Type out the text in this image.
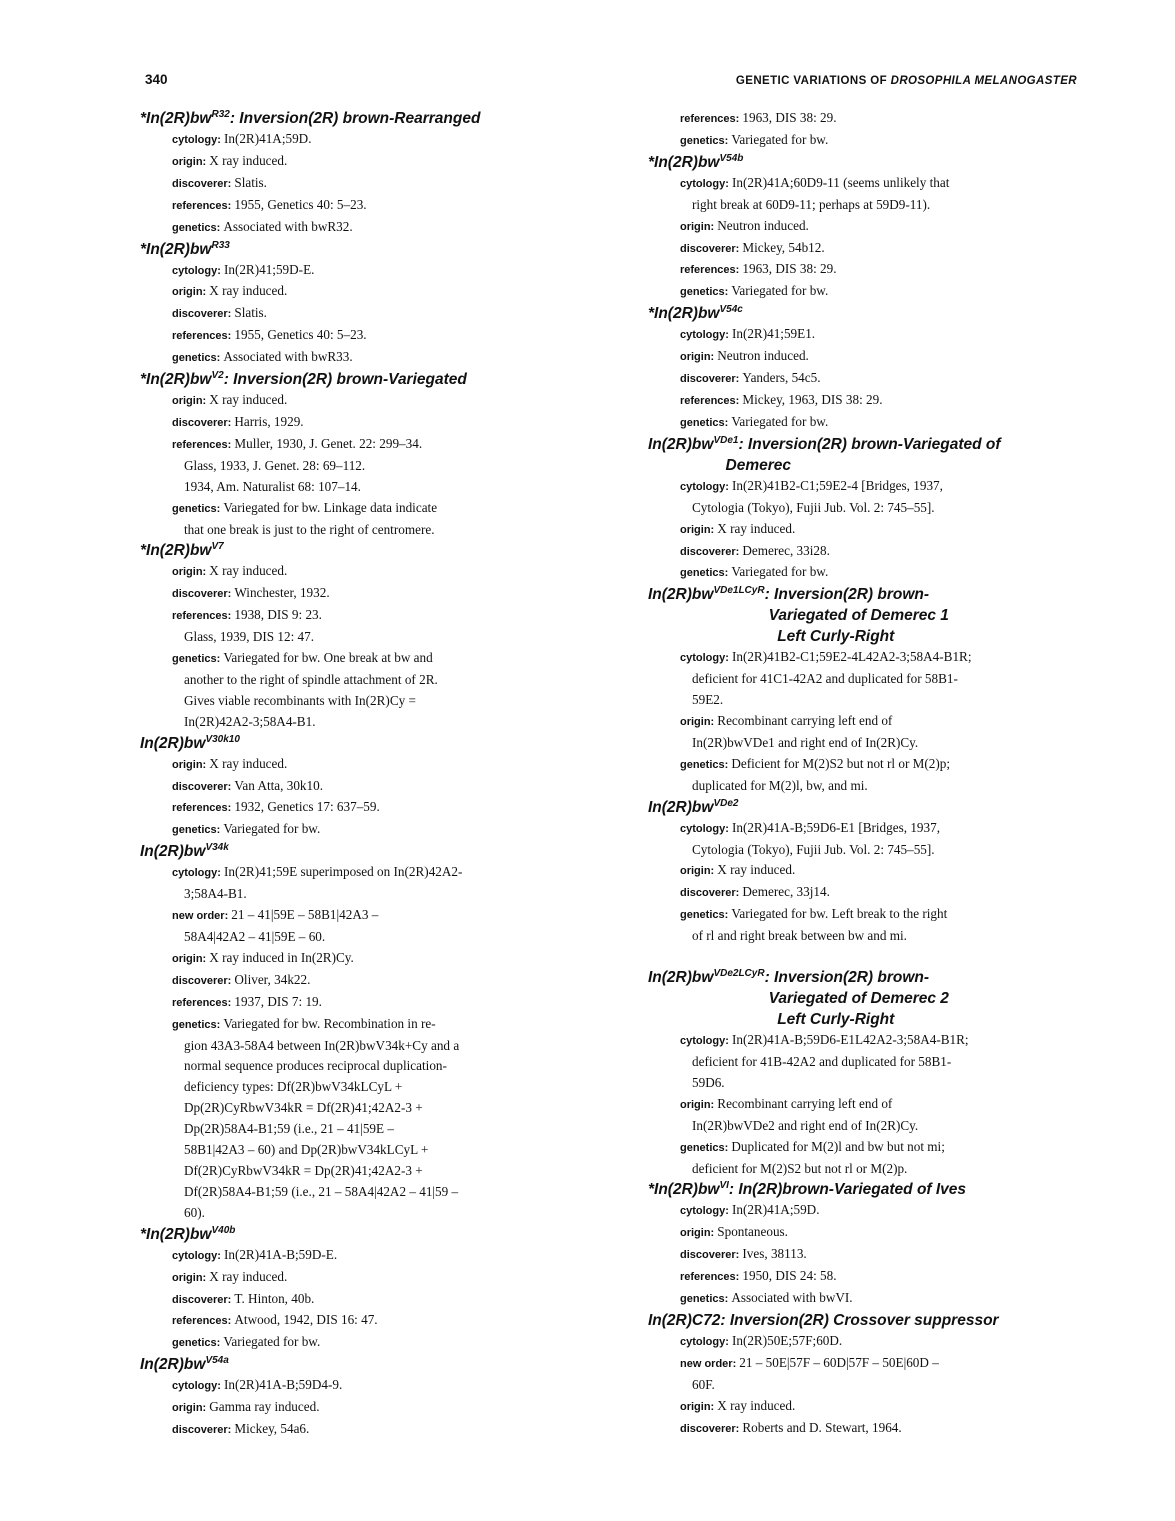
340	GENETIC VARIATIONS OF DROSOPHILA MELANOGASTER
$*In(2R)bw^{R32}$: Inversion(2R) brown-Rearranged
cytology: In(2R)41A;59D.
origin: X ray induced.
discoverer: Slatis.
references: 1955, Genetics 40: 5–23.
genetics: Associated with bwR32.
$*In(2R)bw^{R33}$
cytology: In(2R)41;59D-E.
origin: X ray induced.
discoverer: Slatis.
references: 1955, Genetics 40: 5–23.
genetics: Associated with bwR33.
$*In(2R)bw^{V2}$: Inversion(2R) brown-Variegated
origin: X ray induced.
discoverer: Harris, 1929.
references: Muller, 1930, J. Genet. 22: 299–34.
Glass, 1933, J. Genet. 28: 69–112.
1934, Am. Naturalist 68: 107–14.
genetics: Variegated for bw. Linkage data indicate
that one break is just to the right of centromere.
$*In(2R)bw^{V7}$
origin: X ray induced.
discoverer: Winchester, 1932.
references: 1938, DIS 9: 23.
Glass, 1939, DIS 12: 47.
genetics: Variegated for bw. One break at bw and
another to the right of spindle attachment of 2R.
Gives viable recombinants with In(2R)Cy =
In(2R)42A2-3;58A4-B1.
$In(2R)bw^{V30k10}$
origin: X ray induced.
discoverer: Van Atta, 30k10.
references: 1932, Genetics 17: 637–59.
genetics: Variegated for bw.
$In(2R)bw^{V34k}$
cytology: In(2R)41;59E superimposed on In(2R)42A2-
3;58A4-B1.
new order: 21 – 41|59E – 58B1|42A3 –
58A4|42A2 – 41|59E – 60.
origin: X ray induced in In(2R)Cy.
discoverer: Oliver, 34k22.
references: 1937, DIS 7: 19.
genetics: Variegated for bw. Recombination in re-
gion 43A3-58A4 between In(2R)bwV34k+Cy and a
normal sequence produces reciprocal duplication-
deficiency types: Df(2R)bwV34kLCyL +
Dp(2R)CyRbwV34kR = Df(2R)41;42A2-3 +
Dp(2R)58A4-B1;59 (i.e., 21 – 41|59E –
58B1|42A3 – 60) and Dp(2R)bwV34kLCyL +
Df(2R)CyRbwV34kR = Dp(2R)41;42A2-3 +
Df(2R)58A4-B1;59 (i.e., 21 – 58A4|42A2 – 41|59 –
60).
$*In(2R)bw^{V40b}$
cytology: In(2R)41A-B;59D-E.
origin: X ray induced.
discoverer: T. Hinton, 40b.
references: Atwood, 1942, DIS 16: 47.
genetics: Variegated for bw.
$In(2R)bw^{V54a}$
cytology: In(2R)41A-B;59D4-9.
origin: Gamma ray induced.
discoverer: Mickey, 54a6.
references: 1963, DIS 38: 29.
genetics: Variegated for bw.
$*In(2R)bw^{V54b}$
cytology: In(2R)41A;60D9-11 (seems unlikely that
right break at 60D9-11; perhaps at 59D9-11).
origin: Neutron induced.
discoverer: Mickey, 54b12.
references: 1963, DIS 38: 29.
genetics: Variegated for bw.
$*In(2R)bw^{V54c}$
cytology: In(2R)41;59E1.
origin: Neutron induced.
discoverer: Yanders, 54c5.
references: Mickey, 1963, DIS 38: 29.
genetics: Variegated for bw.
$In(2R)bw^{VDe1}$: Inversion(2R) brown-Variegated of
Demerec
cytology: In(2R)41B2-C1;59E2-4 [Bridges, 1937,
Cytologia (Tokyo), Fujii Jub. Vol. 2: 745–55].
origin: X ray induced.
discoverer: Demerec, 33i28.
genetics: Variegated for bw.
$In(2R)bw^{VDe1LCyR}$: Inversion(2R) brown-
Variegated of Demerec 1
Left Curly-Right
cytology: In(2R)41B2-C1;59E2-4L42A2-3;58A4-B1R;
deficient for 41C1-42A2 and duplicated for 58B1-
59E2.
origin: Recombinant carrying left end of
In(2R)bwVDe1 and right end of In(2R)Cy.
genetics: Deficient for M(2)S2 but not rl or M(2)p;
duplicated for M(2)l, bw, and mi.
$In(2R)bw^{VDe2}$
cytology: In(2R)41A-B;59D6-E1 [Bridges, 1937,
Cytologia (Tokyo), Fujii Jub. Vol. 2: 745–55].
origin: X ray induced.
discoverer: Demerec, 33j14.
genetics: Variegated for bw. Left break to the right
of rl and right break between bw and mi.
$In(2R)bw^{VDe2LCyR}$: Inversion(2R) brown-
Variegated of Demerec 2
Left Curly-Right
cytology: In(2R)41A-B;59D6-E1L42A2-3;58A4-B1R;
deficient for 41B-42A2 and duplicated for 58B1-
59D6.
origin: Recombinant carrying left end of
In(2R)bwVDe2 and right end of In(2R)Cy.
genetics: Duplicated for M(2)l and bw but not mi;
deficient for M(2)S2 but not rl or M(2)p.
$*In(2R)bw^{VI}$: In(2R)brown-Variegated of Ives
cytology: In(2R)41A;59D.
origin: Spontaneous.
discoverer: Ives, 38113.
references: 1950, DIS 24: 58.
genetics: Associated with bwVI.
In(2R)C72: Inversion(2R) Crossover suppressor
cytology: In(2R)50E;57F;60D.
new order: 21 – 50E|57F – 60D|57F – 50E|60D –
60F.
origin: X ray induced.
discoverer: Roberts and D. Stewart, 1964.
